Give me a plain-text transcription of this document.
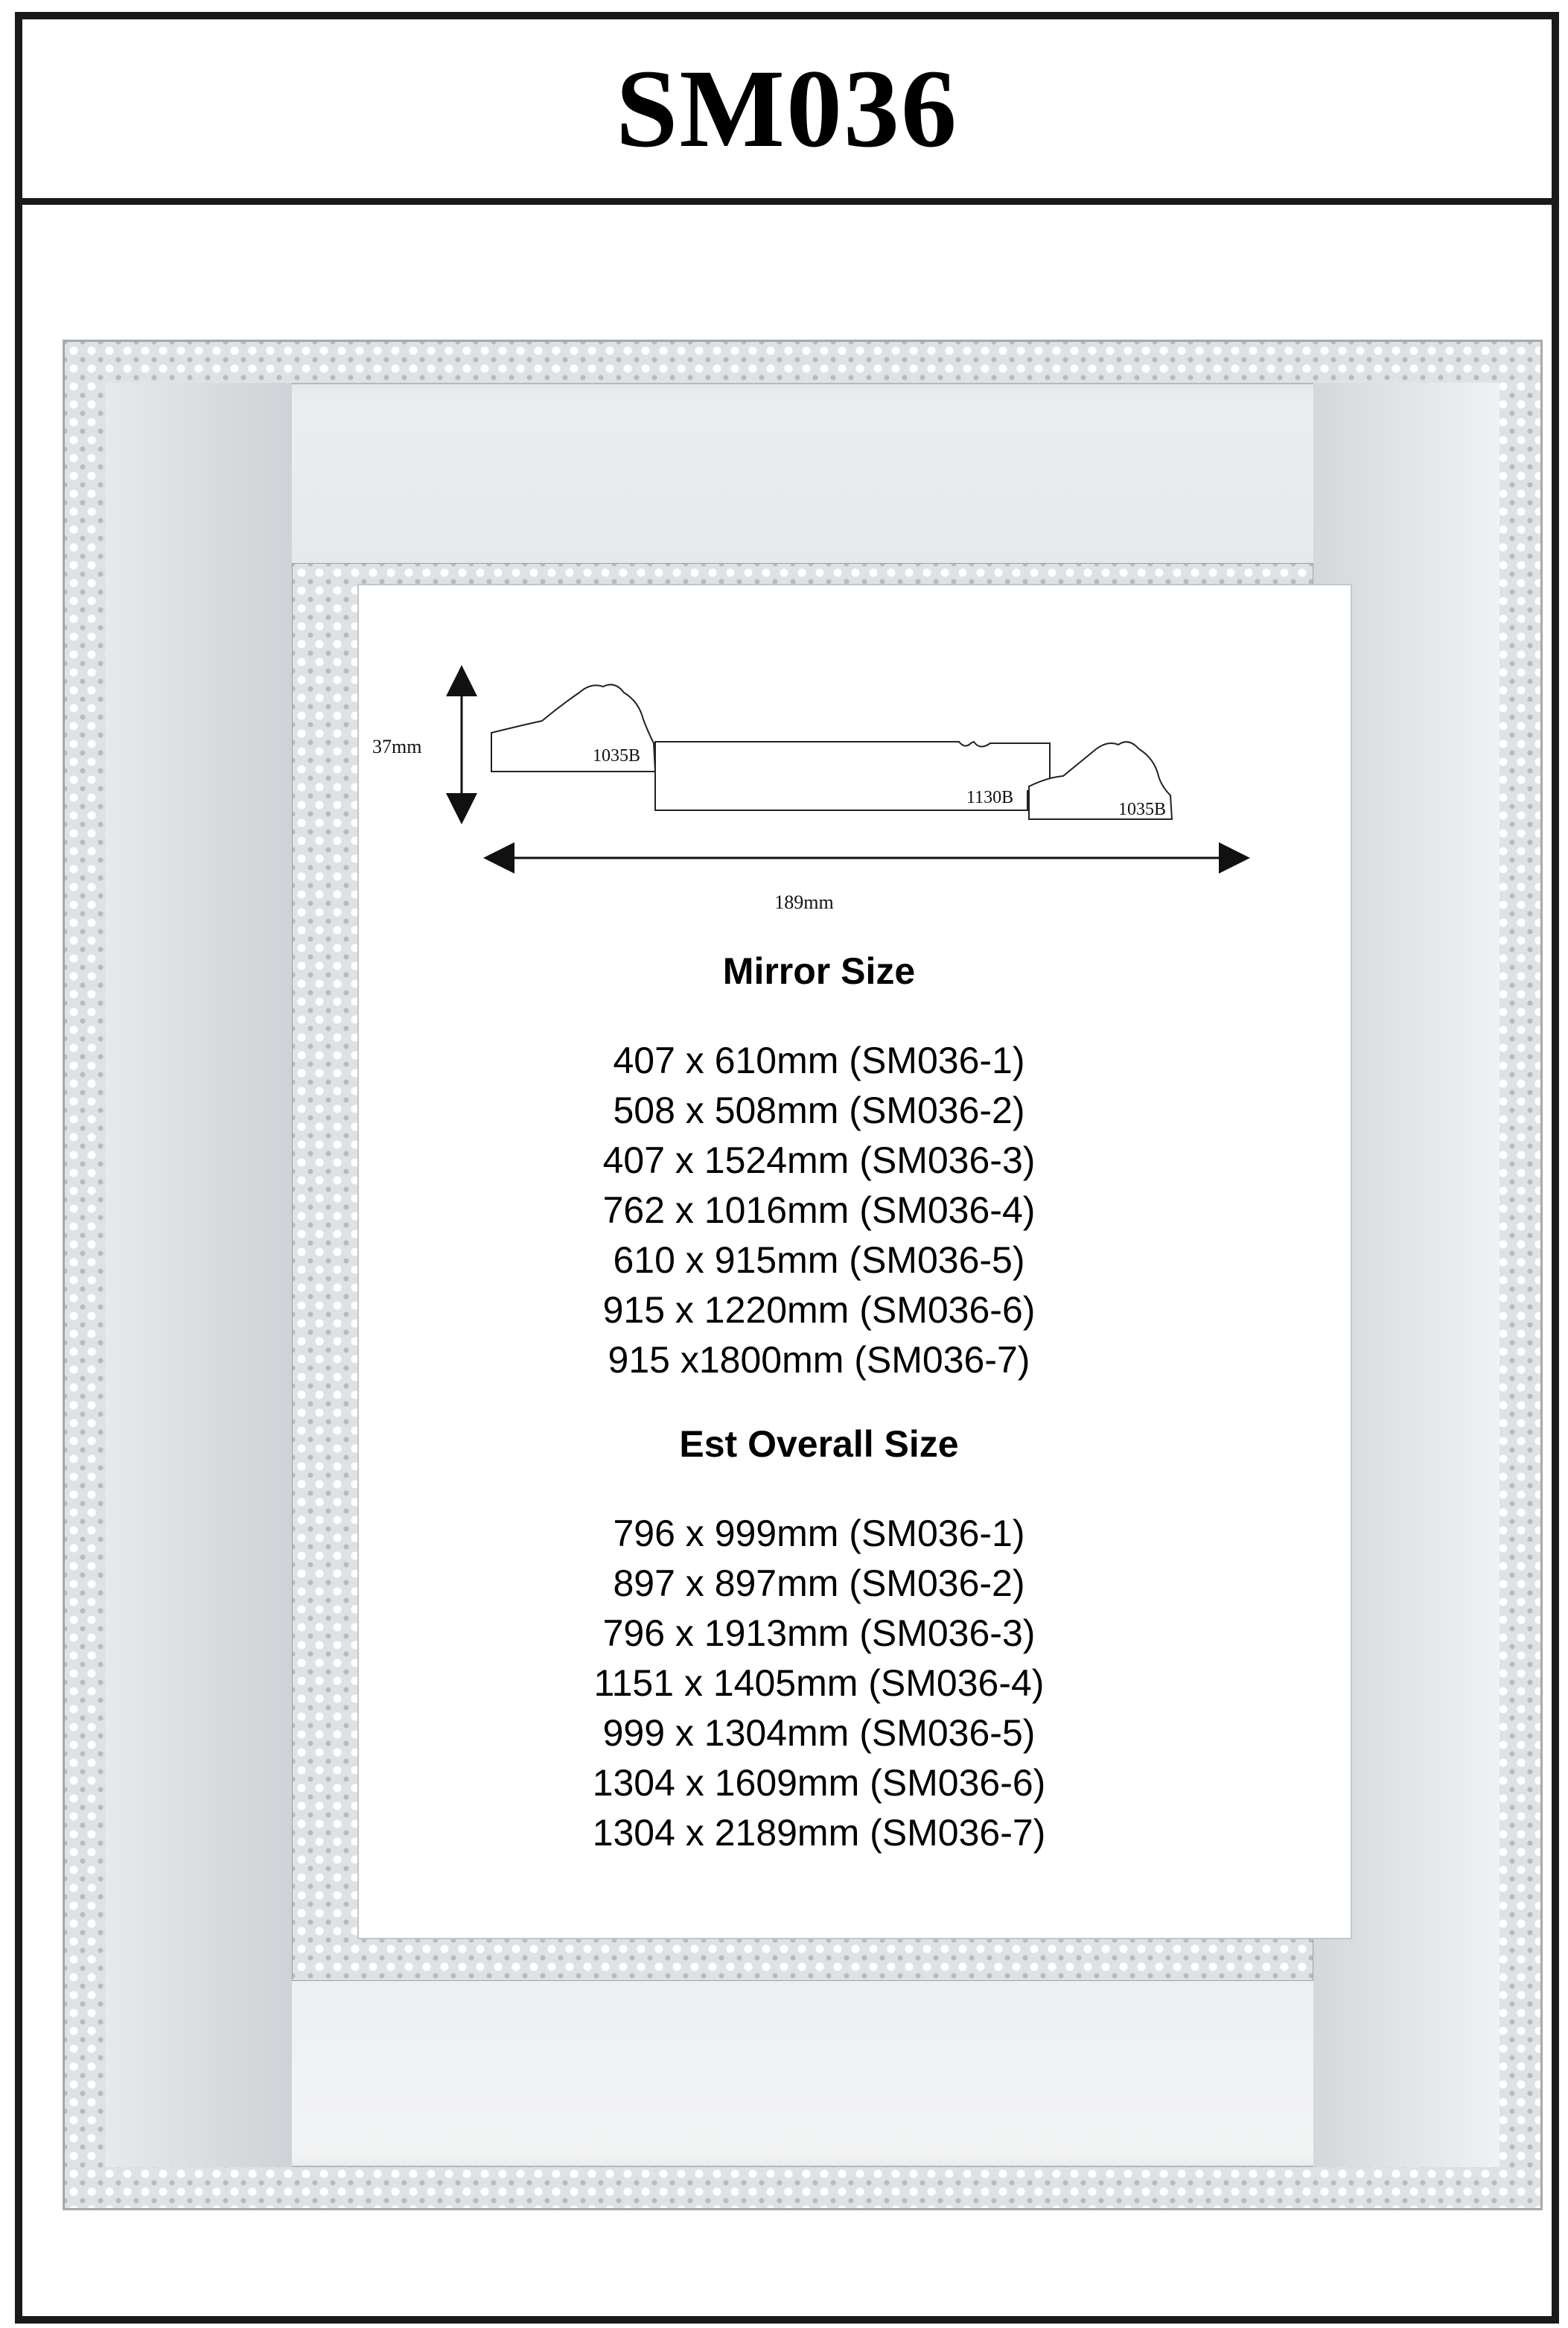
SM036
37mm	1035B
1130B
1035B
189mm

Mirror Size

407 x 610mm (SM036-1)
508 x 508mm (SM036-2)
407 x 1524mm (SM036-3)
762 x 1016mm (SM036-4)
610 x 915mm (SM036-5)
915 x 1220mm (SM036-6)
915 x1800mm (SM036-7)

Est Overall Size

796 x 999mm (SM036-1)
897 x 897mm (SM036-2)
796 x 1913mm (SM036-3)
1151 x 1405mm (SM036-4)
999 x 1304mm (SM036-5)
1304 x 1609mm (SM036-6)
1304 x 2189mm (SM036-7)
